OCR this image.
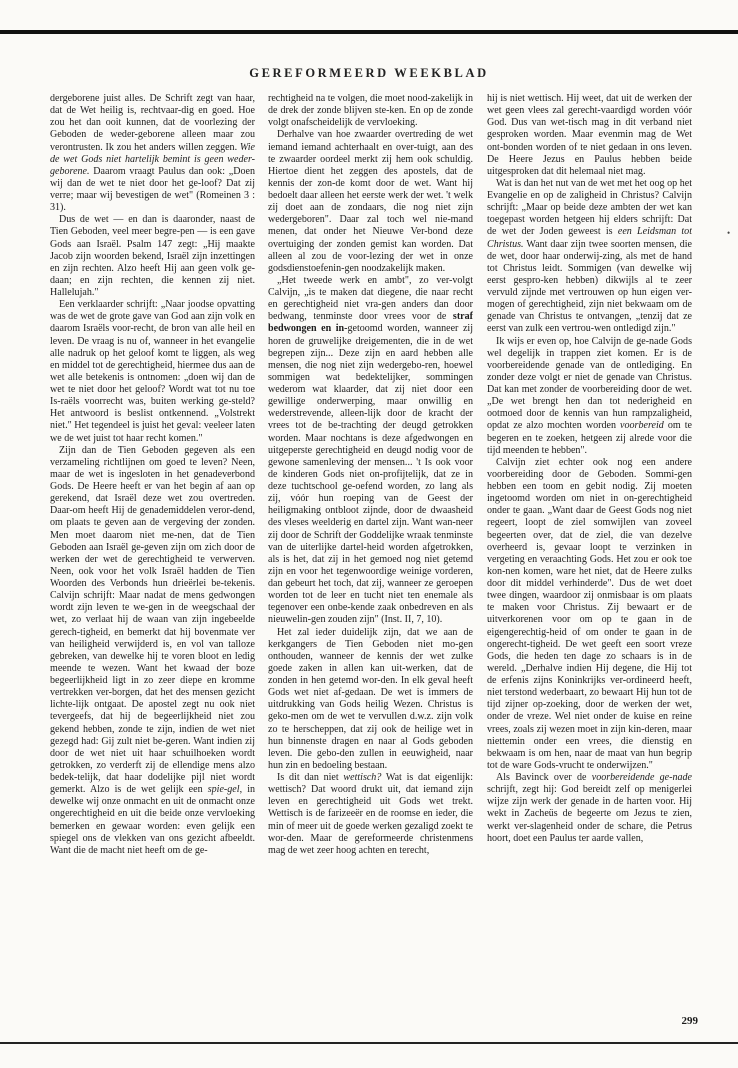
GEREFORMEERD WEEKBLAD
•

dergeborene juist alles. De Schrift zegt van haar, dat de Wet heilig is, rechtvaar-dig en goed. Hoe zou het dan ooit kunnen, dat de voorlezing der Geboden de weder-geborene alleen maar zou verontrusten. Ik zou het anders willen zeggen. Wie de wet Gods niet hartelijk bemint is geen weder-geborene. Daarom vraagt Paulus dan ook: „Doen wij dan de wet te niet door het ge-loof? Dat zij verre; maar wij bevestigen de wet" (Romeinen 3 : 31).

Dus de wet — en dan is daaronder, naast de Tien Geboden, veel meer begre-pen — is een gave Gods aan Israël. Psalm 147 zegt: „Hij maakte Jacob zijn woorden bekend, Israël zijn inzettingen en zijn rechten. Alzo heeft Hij aan geen volk ge-daan; en zijn rechten, die kennen zij niet. Hallelujah."

Een verklaarder schrijft: „Naar joodse opvatting was de wet de grote gave van God aan zijn volk en daarom Israëls voor-recht, de bron van alle heil en leven. De vraag is nu of, wanneer in het evangelie alle nadruk op het geloof komt te liggen, als weg en middel tot de gerechtigheid, hiermee dus aan de wet alle betekenis is ontnomen: „doen wij dan de wet te niet door het geloof? Wordt wat tot nu toe Is-raëls voorrecht was, buiten werking ge-steld? Het antwoord is beslist ontkennend. „Volstrekt niet." Het tegendeel is juist het geval: veeleer laten we de wet juist tot haar recht komen."

Zijn dan de Tien Geboden gegeven als een verzameling richtlijnen om goed te leven? Neen, maar de wet is ingesloten in het genadeverbond Gods. De Heere heeft er van het begin af aan op gerekend, dat Israël deze wet zou overtreden. Daar-om heeft Hij de genademiddelen veror-dend, om plaats te geven aan de vergeving der zonden. Men moet daarom niet me-nen, dat de Tien Geboden aan Israël ge-geven zijn om zich door de werken der wet de gerechtigheid te verwerven. Neen, ook voor het volk Israël hadden de Tien Woorden des Verbonds hun drieërlei be-tekenis. Calvijn schrijft: Maar nadat de mens gedwongen wordt zijn leven te we-gen in de weegschaal der wet, zo verlaat hij de waan van zijn ingebeelde gerech-tigheid, en bemerkt dat hij bovenmate ver van heiligheid verwijderd is, en vol van talloze gebreken, van dewelke hij te voren bloot en ledig meende te wezen. Want het kwaad der boze begeerlijkheid ligt in zo zeer diepe en kromme vertrekken ver-borgen, dat het des mensen gezicht lichte-lijk ontgaat. De apostel zegt nu ook niet tevergeefs, dat hij de begeerlijkheid niet zou gekend hebben, zonde te zijn, indien de wet niet gezegd had: Gij zult niet be-geren. Want indien zij door de wet niet uit haar schuilhoeken wordt getrokken, zo verderft zij de ellendige mens alzo bedek-telijk, dat haar dodelijke pijl niet wordt gemerkt. Alzo is de wet gelijk een spie-gel, in dewelke wij onze onmacht en uit de onmacht onze ongerechtigheid en uit die beide onze vervloeking bemerken en gewaar worden: even gelijk een spiegel ons de vlekken van ons gezicht afbeeldt. Want die de macht niet heeft om de ge-

rechtigheid na te volgen, die moet nood-zakelijk in de drek der zonde blijven ste-ken. En op de zonde volgt onafscheidelijk de vervloeking.

Derhalve van hoe zwaarder overtreding de wet iemand iemand achterhaalt en over-tuigt, aan des te zwaarder oordeel merkt zij hem ook schuldig. Hiertoe dient het zeggen des apostels, dat de kennis der zon-de komt door de wet. Want hij bedoelt daar alleen het eerste werk der wet. 't welk zij doet aan de zondaars, die nog niet zijn wedergeboren". Daar zal toch wel nie-mand menen, dat onder het Nieuwe Ver-bond deze overtuiging der zonden gemist kan worden. Dat alleen al zou de voor-lezing der wet in onze godsdienstoefenin-gen noodzakelijk maken.

„Het tweede werk en ambt", zo ver-volgt Calvijn, „is te maken dat diegene, die naar recht en gerechtigheid niet vra-gen anders dan door bedwang, tenminste door vrees voor de straf bedwongen en in-getoomd worden, wanneer zij horen de gruwelijke dreigementen, die in de wet begrepen zijn... Deze zijn en aard hebben alle mensen, die nog niet zijn wedergebo-ren, hoewel sommigen wat bedekteliјker, sommingen wederom wat klaarder, dat zij niet door een gewillige onderwerping, maar onwillig en wederstrevende, alleen-lijk door de kracht der vrees tot de be-trachting der deugd getrokken worden. Maar nochtans is deze afgedwongen en uitgeperste gerechtigheid en deugd nodig voor de gewone samenleving der mensen... 't Is ook voor de kinderen Gods niet on-profijtelijk, dat ze in deze tuchtschool ge-oefend worden, zo lang als zij, vóór hun roeping van de Geest der heiligmaking ontbloot zijnde, door de dwaasheid des vleses weelderig en dartel zijn. Want wan-neer zij door de Schrift der Goddelijke wraak tenminste van de uiterlijke dartel-heid worden afgetrokken, als is het, dat zij in het gemoed nog niet getemd zijn en voor het tegenwoordige weinige vorderen, dan gebeurt het toch, dat zij, wanneer ze geroepen worden tot de leer en tucht niet ten enemale als tegenover een onbe-kende zaak onbedreven en als nieuwelin-gen zouden zijn" (Inst. II, 7, 10).

Het zal ieder duidelijk zijn, dat we aan de kerkgangers de Tien Geboden niet mo-gen onthouden, wanneer de kennis der wet zulke goede zaken in allen kan uit-werken, dat de zonden in hen getemd wor-den. In elk geval heeft Gods wet niet af-gedaan. De wet is immers de uitdrukking van Gods heilig Wezen. Christus is geko-men om de wet te vervullen d.w.z. zijn volk zo te herscheppen, dat zij ook de heilige wet in hun binnenste dragen en naar al Gods geboden leven. Die gebo-den zullen in eeuwigheid, naar hun zin en bedoeling bestaan.

Is dit dan niet wettisch? Wat is dat eigenlijk: wettisch? Dat woord drukt uit, dat iemand zijn leven en gerechtigheid uit Gods wet trekt. Wettisch is de farizeeër en de roomse en ieder, die min of meer uit de goede werken gezaligd zoekt te wor-den. Maar de gereformeerde christenmens mag de wet zeer hoog achten en terecht,

hij is niet wettisch. Hij weet, dat uit de werken der wet geen vlees zal gerecht-vaardigd worden vóór God. Dus van wet-tisch mag in dit verband niet gesproken worden. Maar evenmin mag de Wet ont-bonden worden of te niet gedaan in ons leven. De Heere Jezus en Paulus hebben beide uitgesproken dat dit helemaal niet mag.

Wat is dan het nut van de wet met het oog op het Evangelie en op de zaligheid in Christus? Calvijn schrijft: „Maar op beide deze ambten der wet kan toegepast worden hetgeen hij elders schrijft: Dat de wet der Joden geweest is een Leidsman tot Christus. Want daar zijn twee soorten mensen, die de wet, door haar onderwij-zing, als met de hand tot Christus leidt. Sommigen (van dewelke wij eerst gespro-ken hebben) dikwijls al te zeer vervuld zijnde met vertrouwen op hun eigen ver-mogen of gerechtigheid, zijn niet bekwaam om de genade van Christus te ontvangen, „tenzij dat ze eerst van zulk een vertrou-wen ontledigd zijn."

Ik wijs er even op, hoe Calvijn de ge-nade Gods wel degelijk in trappen ziet komen. Er is de voorbereidende genade van de ontlediging. En zonder deze volgt er niet de genade van Christus. Dat kan met zonder de voorbereiding door de wet. „De wet brengt hen dan tot nederigheid en ootmoed door de kennis van hun rampzaligheid, opdat ze alzo mochten worden voorbereid om te begeren en te zoeken, hetgeen zij alrede voor die tijd meenden te hebben".

Calvijn ziet echter ook nog een andere voorbereiding door de Geboden. Sommi-gen hebben een toom en gebit nodig. Zij moeten ingetoomd worden om niet in on-gerechtigheid onder te gaan. „Want daar de Geest Gods nog niet regeert, loopt de ziel somwijlen van zoveel begeerten over, dat de ziel, die van dezelve overheerd is, gevaar loopt te verzinken in vergeting en veraachting Gods. Het zou er ook toe kon-nen komen, ware het niet, dat de Heere zulks door dit middel verhinderde". Dus de wet doet twee dingen, waardoor zij onmisbaar is om plaats te maken voor Christus. Zij bewaart er de uitverkorenen voor om op te gaan in de eigengerechtig-heid of om onder te gaan in de ongerecht-tigheid. De wet geeft een soort vreze Gods, die heden ten dage zo schaars is in de wereld. „Derhalve indien Hij degene, die Hij tot de erfenis zijns Koninkrijks ver-ordineerd heeft, niet terstond wederbaart, zo bewaart Hij hun tot de tijd zijner op-zoeking, door de werken der wet, onder de vreze. Wel niet onder de kuise en reine vrees, zoals zij wezen moet in zijn kin-deren, maar niettemin onder een vrees, die dienstig en bekwaam is om hen, naar de maat van hun begrip tot de ware Gods-vrucht te onderwijzen."

Als Bavinck over de voorbereidende ge-nade schrijft, zegt hij: God bereidt zelf op menigerlei wijze zijn werk der genade in de harten voor. Hij wekt in Zacheüs de begeerte om Jezus te zien, werkt ver-slagenheid onder de schare, die Petrus hoort, doet een Paulus ter aarde vallen,

299
